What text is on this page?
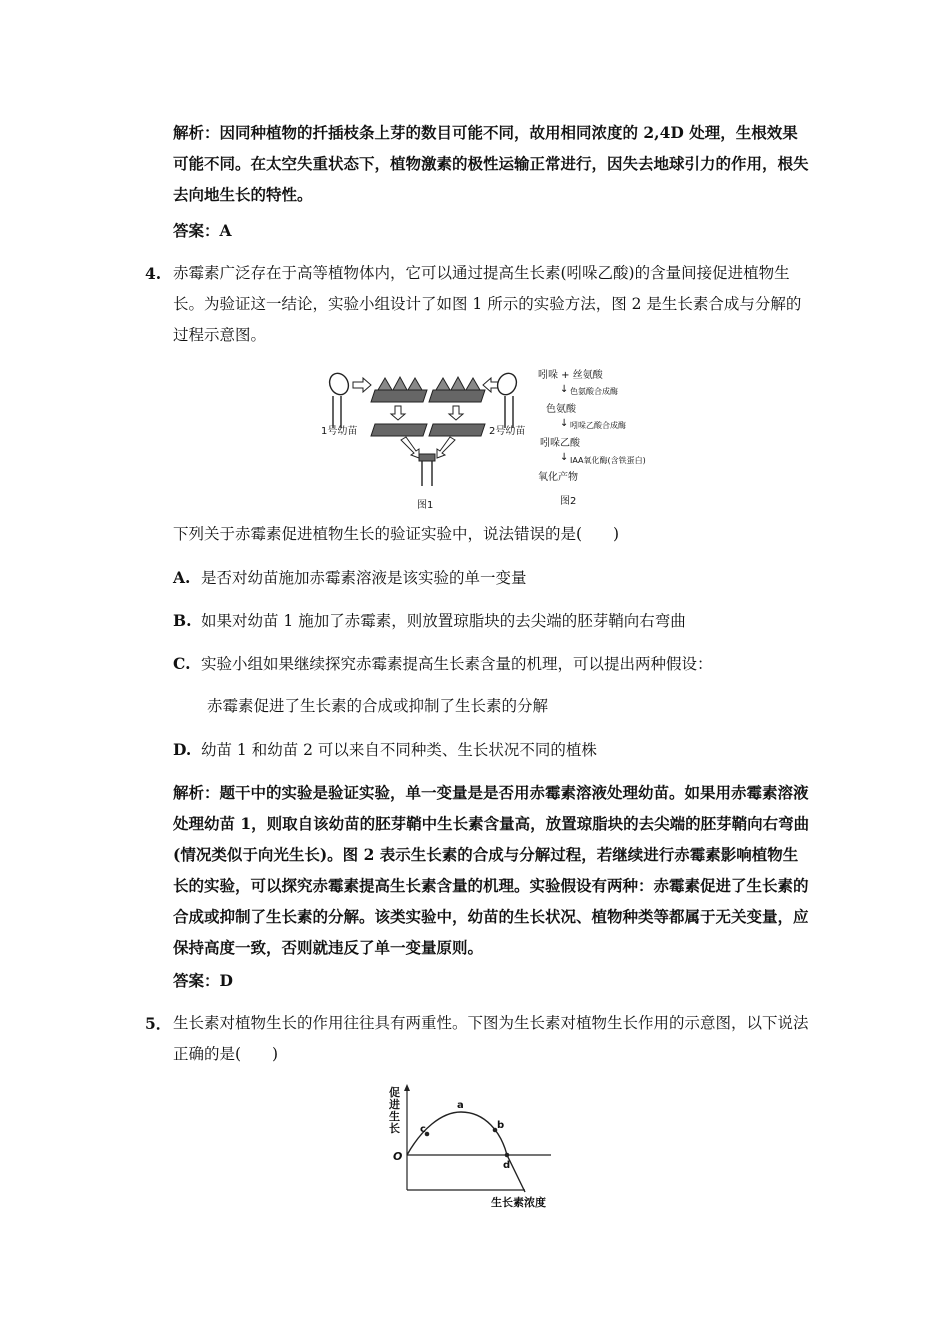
解析：因同种植物的扦插枝条上芽的数目可能不同，故用相同浓度的 2,4D 处理，生根效果可能不同。在太空失重状态下，植物激素的极性运输正常进行，因失去地球引力的作用，根失去向地生长的特性。
答案：A
4. 赤霉素广泛存在于高等植物体内，它可以通过提高生长素(吲哚乙酸)的含量间接促进植物生长。为验证这一结论，实验小组设计了如图 1 所示的实验方法，图 2 是生长素合成与分解的过程示意图。
1号幼苗	2号幼苗
图1
吲哚 + 丝氨酸
↓ 色氨酸合成酶
色氨酸
↓ 吲哚乙酸合成酶
吲哚乙酸
↓ IAA氧化酶(含铁蛋白)
氧化产物
图2
下列关于赤霉素促进植物生长的验证实验中，说法错误的是(　　)
A. 是否对幼苗施加赤霉素溶液是该实验的单一变量
B. 如果对幼苗 1 施加了赤霉素，则放置琼脂块的去尖端的胚芽鞘向右弯曲
C. 实验小组如果继续探究赤霉素提高生长素含量的机理，可以提出两种假设：
赤霉素促进了生长素的合成或抑制了生长素的分解
D. 幼苗 1 和幼苗 2 可以来自不同种类、生长状况不同的植株
解析：题干中的实验是验证实验，单一变量是是否用赤霉素溶液处理幼苗。如果用赤霉素溶液处理幼苗 1，则取自该幼苗的胚芽鞘中生长素含量高，放置琼脂块的去尖端的胚芽鞘向右弯曲(情况类似于向光生长)。图 2 表示生长素的合成与分解过程，若继续进行赤霉素影响植物生长的实验，可以探究赤霉素提高生长素含量的机理。实验假设有两种：赤霉素促进了生长素的合成或抑制了生长素的分解。该类实验中，幼苗的生长状况、植物种类等都属于无关变量，应保持高度一致，否则就违反了单一变量原则。
答案：D
5． 生长素对植物生长的作用往往具有两重性。下图为生长素对植物生长作用的示意图，以下说法正确的是(　　)
促
进
生
长
O
a
b
c
d
生长素浓度
